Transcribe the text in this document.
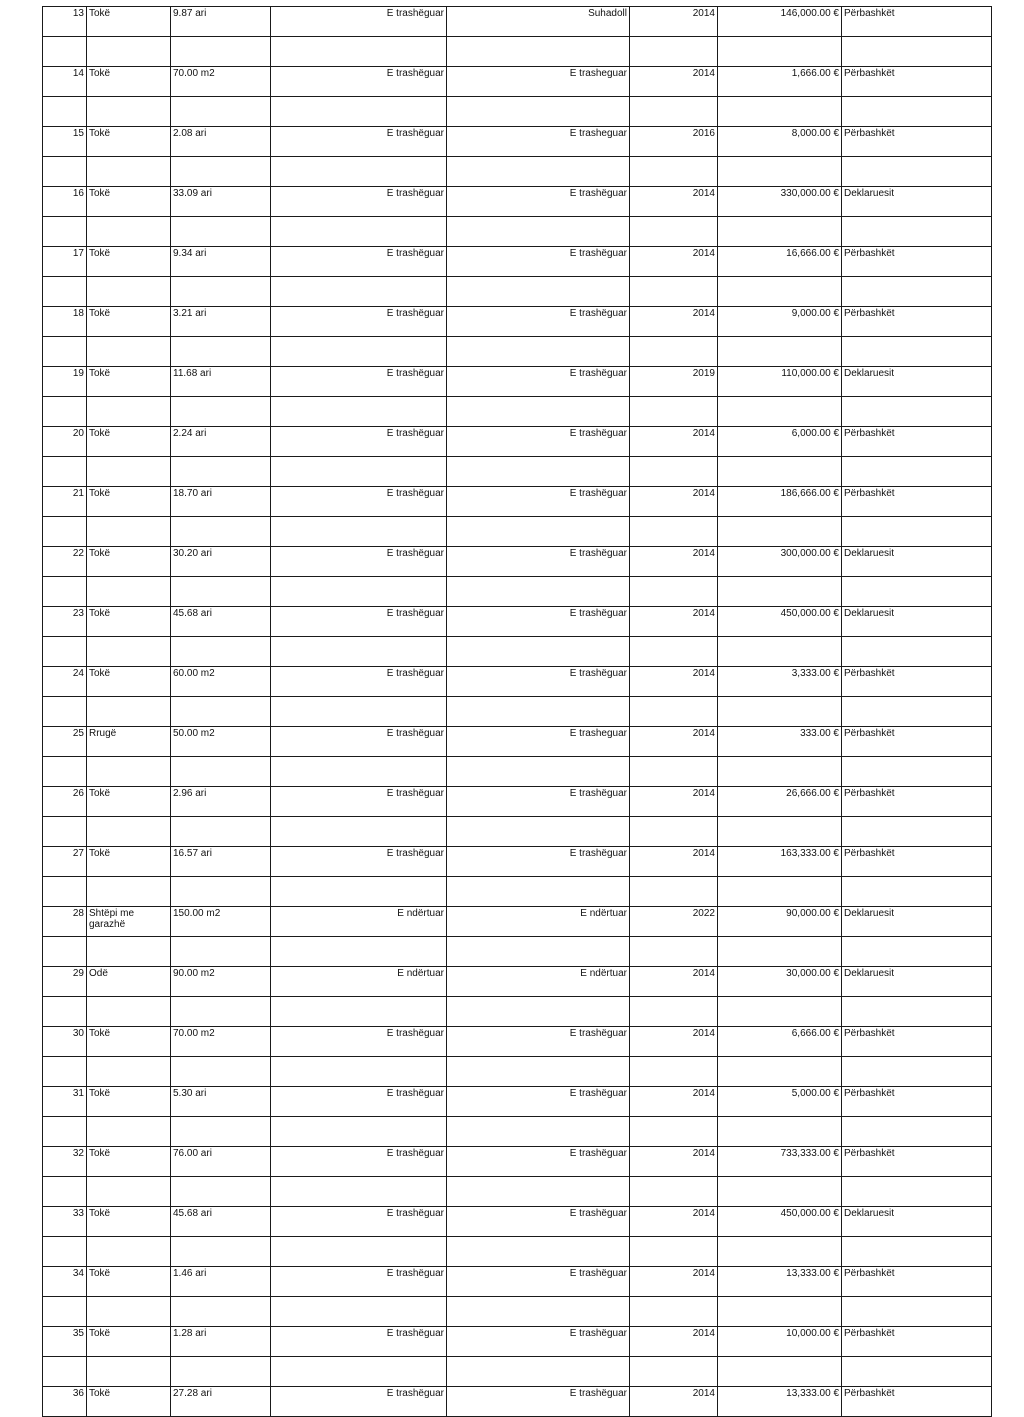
13	Tokë	9.87 ari	E trashëguar	Suhadoll	2014	146,000.00 €	Përbashkët

14	Tokë	70.00 m2	E trashëguar	E trasheguar	2014	1,666.00 €	Përbashkët

15	Tokë	2.08 ari	E trashëguar	E trasheguar	2016	8,000.00 €	Përbashkët

16	Tokë	33.09 ari	E trashëguar	E trashëguar	2014	330,000.00 €	Deklaruesit

17	Tokë	9.34 ari	E trashëguar	E trashëguar	2014	16,666.00 €	Përbashkët

18	Tokë	3.21 ari	E trashëguar	E trashëguar	2014	9,000.00 €	Përbashkët

19	Tokë	11.68 ari	E trashëguar	E trashëguar	2019	110,000.00 €	Deklaruesit

20	Tokë	2.24 ari	E trashëguar	E trashëguar	2014	6,000.00 €	Përbashkët

21	Tokë	18.70 ari	E trashëguar	E trashëguar	2014	186,666.00 €	Përbashkët

22	Tokë	30.20 ari	E trashëguar	E trashëguar	2014	300,000.00 €	Deklaruesit

23	Tokë	45.68 ari	E trashëguar	E trashëguar	2014	450,000.00 €	Deklaruesit

24	Tokë	60.00 m2	E trashëguar	E trashëguar	2014	3,333.00 €	Përbashkët

25	Rrugë	50.00 m2	E trashëguar	E trasheguar	2014	333.00 €	Përbashkët

26	Tokë	2.96 ari	E trashëguar	E trashëguar	2014	26,666.00 €	Përbashkët

27	Tokë	16.57 ari	E trashëguar	E trashëguar	2014	163,333.00 €	Përbashkët

28	Shtëpi me garazhë	150.00 m2	E ndërtuar	E ndërtuar	2022	90,000.00 €	Deklaruesit

29	Odë	90.00 m2	E ndërtuar	E ndërtuar	2014	30,000.00 €	Deklaruesit

30	Tokë	70.00 m2	E trashëguar	E trashëguar	2014	6,666.00 €	Përbashkët

31	Tokë	5.30 ari	E trashëguar	E trashëguar	2014	5,000.00 €	Përbashkët

32	Tokë	76.00 ari	E trashëguar	E trashëguar	2014	733,333.00 €	Përbashkët

33	Tokë	45.68 ari	E trashëguar	E trashëguar	2014	450,000.00 €	Deklaruesit

34	Tokë	1.46 ari	E trashëguar	E trashëguar	2014	13,333.00 €	Përbashkët

35	Tokë	1.28 ari	E trashëguar	E trashëguar	2014	10,000.00 €	Përbashkët

36	Tokë	27.28 ari	E trashëguar	E trashëguar	2014	13,333.00 €	Përbashkët
